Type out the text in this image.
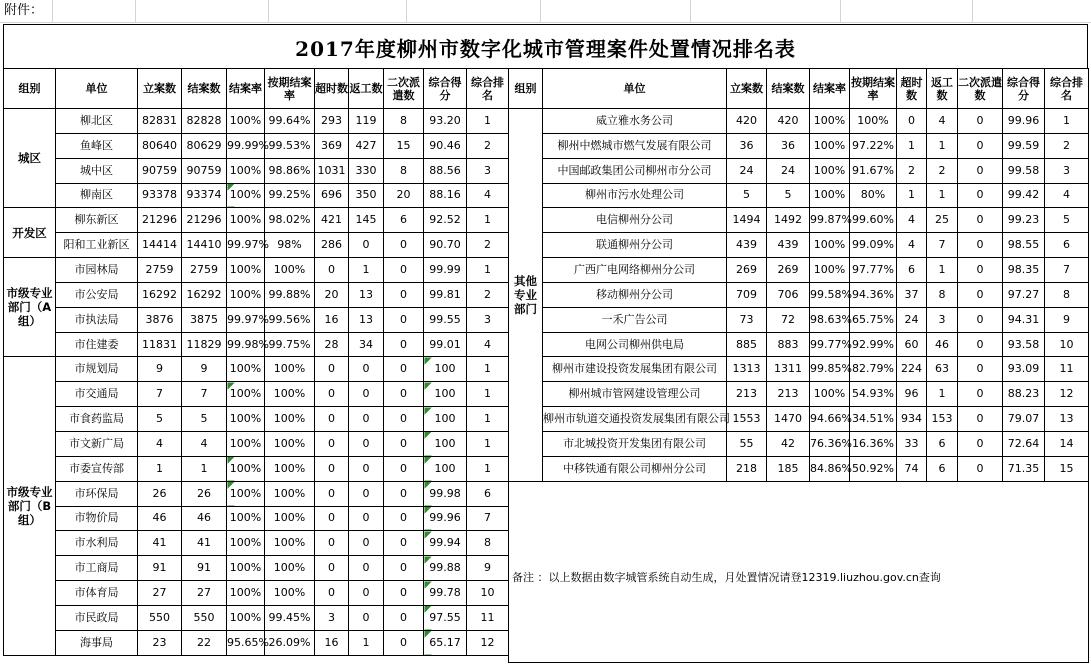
附件：
2017年度柳州市数字化城市管理案件处置情况排名表
组别	单位	立案数	结案数	结案率	按期结案率	超时数	返工数	二次派遣数	综合得分	综合排名
城区	柳北区	82831	82828	100%	99.64%	293	119	8	93.20	1
	鱼峰区	80640	80629	99.99%	99.53%	369	427	15	90.46	2
	城中区	90759	90759	100%	98.86%	1031	330	8	88.56	3
	柳南区	93378	93374	100%	99.25%	696	350	20	88.16	4
开发区	柳东新区	21296	21296	100%	98.02%	421	145	6	92.52	1
	阳和工业新区	14414	14410	99.97%	98%	286	0	0	90.70	2
市级专业部门（A组）	市园林局	2759	2759	100%	100%	0	1	0	99.99	1
	市公安局	16292	16292	100%	99.88%	20	13	0	99.81	2
	市执法局	3876	3875	99.97%	99.56%	16	13	0	99.55	3
	市住建委	11831	11829	99.98%	99.75%	28	34	0	99.01	4
市级专业部门（B组）	市规划局	9	9	100%	100%	0	0	0	100	1
	市交通局	7	7	100%	100%	0	0	0	100	1
	市食药监局	5	5	100%	100%	0	0	0	100	1
	市文新广局	4	4	100%	100%	0	0	0	100	1
	市委宣传部	1	1	100%	100%	0	0	0	100	1
	市环保局	26	26	100%	100%	0	0	0	99.98	6
	市物价局	46	46	100%	100%	0	0	0	99.96	7
	市水利局	41	41	100%	100%	0	0	0	99.94	8
	市工商局	91	91	100%	100%	0	0	0	99.88	9
	市体育局	27	27	100%	100%	0	0	0	99.78	10
	市民政局	550	550	100%	99.45%	3	0	0	97.55	11
	海事局	23	22	95.65%	26.09%	16	1	0	65.17	12
组别	单位	立案数	结案数	结案率	按期结案率	超时数	返工数	二次派遣数	综合得分	综合排名
其他专业部门	威立雅水务公司	420	420	100%	100%	0	4	0	99.96	1
	柳州中燃城市燃气发展有限公司	36	36	100%	97.22%	1	1	0	99.59	2
	中国邮政集团公司柳州市分公司	24	24	100%	91.67%	2	2	0	99.58	3
	柳州市污水处理公司	5	5	100%	80%	1	1	0	99.42	4
	电信柳州分公司	1494	1492	99.87%	99.60%	4	25	0	99.23	5
	联通柳州分公司	439	439	100%	99.09%	4	7	0	98.55	6
	广西广电网络柳州分公司	269	269	100%	97.77%	6	1	0	98.35	7
	移动柳州分公司	709	706	99.58%	94.36%	37	8	0	97.27	8
	一禾广告公司	73	72	98.63%	65.75%	24	3	0	94.31	9
	电网公司柳州供电局	885	883	99.77%	92.99%	60	46	0	93.58	10
	柳州市建设投资发展集团有限公司	1313	1311	99.85%	82.79%	224	63	0	93.09	11
	柳州城市管网建设管理公司	213	213	100%	54.93%	96	1	0	88.23	12
	柳州市轨道交通投资发展集团有限公司	1553	1470	94.66%	34.51%	934	153	0	79.07	13
	市北城投资开发集团有限公司	55	42	76.36%	16.36%	33	6	0	72.64	14
	中移铁通有限公司柳州分公司	218	185	84.86%	50.92%	74	6	0	71.35	15

备注 ：以上数据由数字城管系统自动生成，月处置情况请登12319.liuzhou.gov.cn查询
